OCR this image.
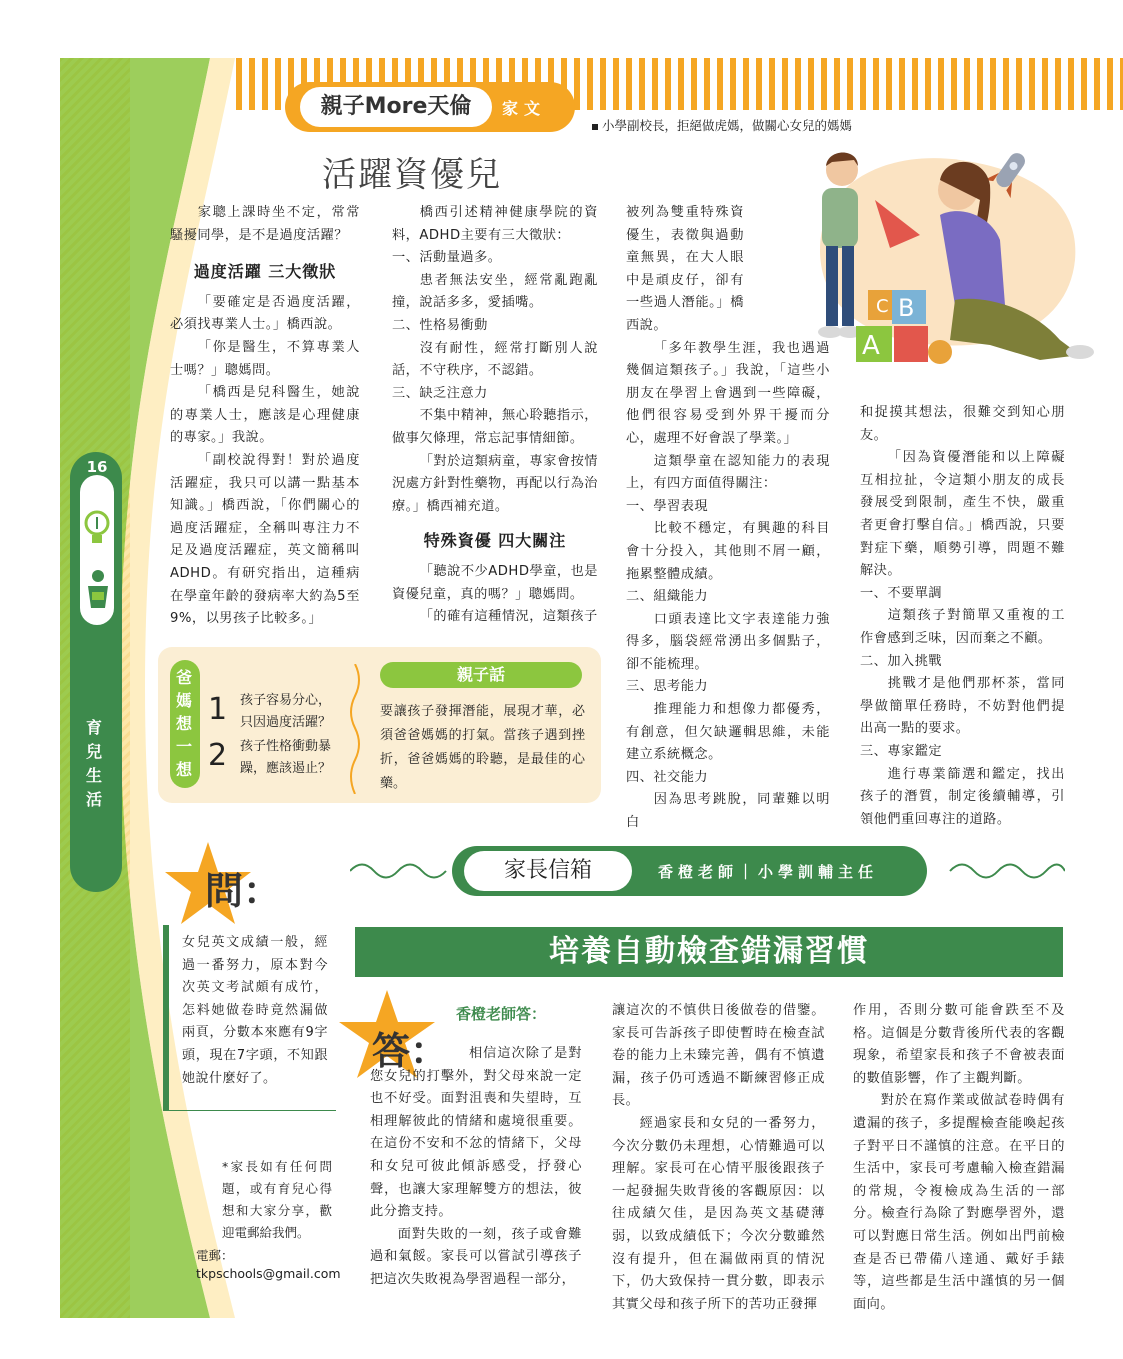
親子More天倫	家文
小學副校長，拒絕做虎媽，做關心女兒的媽媽
活躍資優兒
C B
A
16
育兒生活

家聰上課時坐不定，常常騷擾同學，是不是過度活躍？

過度活躍 三大徵狀

「要確定是否過度活躍，必須找專業人士。」橋西說。

「你是醫生，不算專業人士嗎？」聰媽問。

「橋西是兒科醫生，她說的專業人士，應該是心理健康的專家。」我說。

「副校說得對！對於過度活躍症，我只可以講一點基本知識。」橋西說，「你們關心的過度活躍症，全稱叫專注力不足及過度活躍症，英文簡稱叫ADHD。有研究指出，這種病在學童年齡的發病率大約為5至9%，以男孩子比較多。」

橋西引述精神健康學院的資料，ADHD主要有三大徵狀：

一、活動量過多。

患者無法安坐，經常亂跑亂撞，說話多多，愛插嘴。

二、性格易衝動

沒有耐性，經常打斷別人說話，不守秩序，不認錯。

三、缺乏注意力

不集中精神，無心聆聽指示，做事欠條理，常忘記事情細節。

「對於這類病童，專家會按情況處方針對性藥物，再配以行為治療。」橋西補充道。

特殊資優 四大關注

「聽說不少ADHD學童，也是資優兒童，真的嗎？」聰媽問。

「的確有這種情況，這類孩子

被列為雙重特殊資優生，表徵與過動童無異，在大人眼中是頑皮仔，卻有一些過人潛能。」橋西說。

「多年教學生涯，我也遇過幾個這類孩子。」我說，「這些小朋友在學習上會遇到一些障礙，他們很容易受到外界干擾而分心，處理不好會誤了學業。」

這類學童在認知能力的表現上，有四方面值得關注：

一、學習表現

比較不穩定，有興趣的科目會十分投入，其他則不屑一顧，拖累整體成績。

二、組織能力

口頭表達比文字表達能力強得多，腦袋經常湧出多個點子，卻不能梳理。

三、思考能力

推理能力和想像力都優秀，有創意，但欠缺邏輯思維，未能建立系統概念。

四、社交能力

因為思考跳脫，同輩難以明白

和捉摸其想法，很難交到知心朋友。

「因為資優潛能和以上障礙互相拉扯，令這類小朋友的成長發展受到限制，產生不快，嚴重者更會打擊自信。」橋西說，只要對症下藥，順勢引導，問題不難解決。

一、不要單調

這類孩子對簡單又重複的工作會感到乏味，因而棄之不顧。

二、加入挑戰

挑戰才是他們那杯茶，當同學做簡單任務時，不妨對他們提出高一點的要求。

三、專家鑑定

進行專業篩選和鑑定，找出孩子的潛質，制定後續輔導，引領他們重回專注的道路。

爸媽想一想
1 孩子容易分心，只因過度活躍？
2 孩子性格衝動暴躁，應該遏止？
親子話
要讓孩子發揮潛能，展現才華，必須爸爸媽媽的打氣。當孩子遇到挫折，爸爸媽媽的聆聽，是最佳的心藥。
家長信箱	香橙老師｜小學訓輔主任
問：
女兒英文成績一般，經過一番努力，原本對今次英文考試頗有成竹，怎料她做卷時竟然漏做兩頁，分數本來應有9字頭，現在7字頭，不知跟她說什麼好了。
培養自動檢查錯漏習慣
答：
香橙老師答：

相信這次除了是對您女兒的打擊外，對父母來說一定也不好受。面對沮喪和失望時，互相理解彼此的情緒和處境很重要。在這份不安和不忿的情緒下，父母和女兒可彼此傾訴感受，抒發心聲，也讓大家理解雙方的想法，彼此分擔支持。

面對失敗的一刻，孩子或會難過和氣餒。家長可以嘗試引導孩子把這次失敗視為學習過程一部分，

讓這次的不慎供日後做卷的借鑒。家長可告訴孩子即使暫時在檢查試卷的能力上未臻完善，偶有不慎遺漏，孩子仍可透過不斷練習修正成長。

經過家長和女兒的一番努力，今次分數仍未理想，心情難過可以理解。家長可在心情平服後跟孩子一起發掘失敗背後的客觀原因：以往成績欠佳，是因為英文基礎薄弱，以致成績低下；今次分數雖然沒有提升，但在漏做兩頁的情況下，仍大致保持一貫分數，即表示其實父母和孩子所下的苦功正發揮

作用，否則分數可能會跌至不及格。這個是分數背後所代表的客觀現象，希望家長和孩子不會被表面的數值影響，作了主觀判斷。

對於在寫作業或做試卷時偶有遺漏的孩子，多提醒檢查能喚起孩子對平日不謹慎的注意。在平日的生活中，家長可考慮輸入檢查錯漏的常規，令複檢成為生活的一部分。檢查行為除了對應學習外，還可以對應日常生活。例如出門前檢查是否已帶備八達通、戴好手錶等，這些都是生活中謹慎的另一個面向。

*家長如有任何問題，或有育兒心得想和大家分享，歡迎電郵給我們。
電郵：
tkpschools@gmail.com
